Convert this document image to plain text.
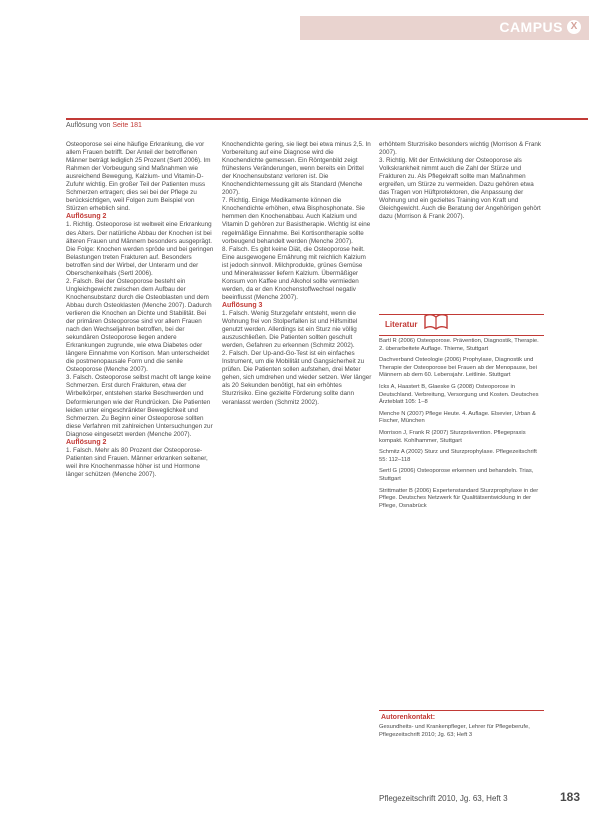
CAMPUS X
Auflösung von Seite 181

Osteoporose sei eine häufige Erkrankung, die vor allem Frauen betrifft. Der Anteil der betroffenen Männer beträgt lediglich 25 Prozent (Sertl 2006). Im Rahmen der Vorbeugung sind Maßnahmen wie ausreichend Bewegung, Kalzium- und Vitamin-D-Zufuhr wichtig. Ein großer Teil der Patienten muss Schmerzen ertragen; dies sei bei der Pflege zu berücksichtigen, weil Folgen zum Beispiel von Stürzen erheblich sind.

Auflösung 2

1. Richtig. Osteoporose ist weltweit eine Erkrankung des Alters. Der natürliche Abbau der Knochen ist bei älteren Frauen und Männern besonders ausgeprägt. Die Folge: Knochen werden spröde und bei geringen Belastungen treten Frakturen auf. Besonders betroffen sind der Wirbel, der Unterarm und der Oberschenkelhals (Sertl 2006).

2. Falsch. Bei der Osteoporose besteht ein Ungleichgewicht zwischen dem Aufbau der Knochensubstanz durch die Osteoblasten und dem Abbau durch Osteoklasten (Menche 2007). Dadurch verlieren die Knochen an Dichte und Stabilität. Bei der primären Osteoporose sind vor allem Frauen nach den Wechseljahren betroffen, bei der sekundären Osteoporose liegen andere Erkrankungen zugrunde, wie etwa Diabetes oder längere Einnahme von Kortison. Man unterscheidet die postmenopausale Form und die senile Osteoporose (Menche 2007).

3. Falsch. Osteoporose selbst macht oft lange keine Schmerzen. Erst durch Frakturen, etwa der Wirbelkörper, entstehen starke Beschwerden und Deformierungen wie der Rundrücken. Die Patienten leiden unter eingeschränkter Beweglichkeit und Schmerzen. Zu Beginn einer Osteoporose sollten diese Verfahren mit zahlreichen Untersuchungen zur Diagnose eingesetzt werden (Menche 2007).

Auflösung 2

1. Falsch. Mehr als 80 Prozent der Osteoporose-Patienten sind Frauen. Männer erkranken seltener, weil ihre Knochenmasse höher ist und Hormone länger schützen (Menche 2007).

Knochendichte gering, sie liegt bei etwa minus 2,5. In Vorbereitung auf eine Diagnose wird die Knochendichte gemessen. Ein Röntgenbild zeigt frühestens Veränderungen, wenn bereits ein Drittel der Knochensubstanz verloren ist. Die Knochendichtemessung gilt als Standard (Menche 2007).

7. Richtig. Einige Medikamente können die Knochendichte erhöhen, etwa Bisphosphonate. Sie hemmen den Knochenabbau. Auch Kalzium und Vitamin D gehören zur Basistherapie. Wichtig ist eine regelmäßige Einnahme. Bei Kortisontherapie sollte vorbeugend behandelt werden (Menche 2007).

8. Falsch. Es gibt keine Diät, die Osteoporose heilt. Eine ausgewogene Ernährung mit reichlich Kalzium ist jedoch sinnvoll. Milchprodukte, grünes Gemüse und Mineralwasser liefern Kalzium. Übermäßiger Konsum von Kaffee und Alkohol sollte vermieden werden, da er den Knochenstoffwechsel negativ beeinflusst (Menche 2007).

Auflösung 3

1. Falsch. Wenig Sturzgefahr entsteht, wenn die Wohnung frei von Stolperfallen ist und Hilfsmittel genutzt werden. Allerdings ist ein Sturz nie völlig auszuschließen. Die Patienten sollten geschult werden, Gefahren zu erkennen (Schmitz 2002).

2. Falsch. Der Up-and-Go-Test ist ein einfaches Instrument, um die Mobilität und Gangsicherheit zu prüfen. Die Patienten sollen aufstehen, drei Meter gehen, sich umdrehen und wieder setzen. Wer länger als 20 Sekunden benötigt, hat ein erhöhtes Sturzrisiko. Eine gezielte Förderung sollte dann veranlasst werden (Schmitz 2002).

erhöhtem Sturzrisiko besonders wichtig (Morrison & Frank 2007).

3. Richtig. Mit der Entwicklung der Osteoporose als Volkskrankheit nimmt auch die Zahl der Stürze und Frakturen zu. Als Pflegekraft sollte man Maßnahmen ergreifen, um Stürze zu vermeiden. Dazu gehören etwa das Tragen von Hüftprotektoren, die Anpassung der Wohnung und ein gezieltes Training von Kraft und Gleichgewicht. Auch die Beratung der Angehörigen gehört dazu (Morrison & Frank 2007).

Literatur

Bartl R (2006) Osteoporose. Prävention, Diagnostik, Therapie. 2. überarbeitete Auflage. Thieme, Stuttgart

Dachverband Osteologie (2006) Prophylaxe, Diagnostik und Therapie der Osteoporose bei Frauen ab der Menopause, bei Männern ab dem 60. Lebensjahr. Leitlinie. Stuttgart

Icks A, Haastert B, Glaeske G (2008) Osteoporose in Deutschland. Verbreitung, Versorgung und Kosten. Deutsches Ärzteblatt 105: 1–8

Menche N (2007) Pflege Heute. 4. Auflage. Elsevier, Urban & Fischer, München

Morrison J, Frank R (2007) Sturzprävention. Pflegepraxis kompakt. Kohlhammer, Stuttgart

Schmitz A (2002) Sturz und Sturzprophylaxe. Pflegezeitschrift 55: 112–118

Sertl G (2006) Osteoporose erkennen und behandeln. Trias, Stuttgart

Strittmatter B (2006) Expertenstandard Sturzprophylaxe in der Pflege. Deutsches Netzwerk für Qualitätsentwicklung in der Pflege, Osnabrück

Autorenkontakt:
Gesundheits- und Krankenpfleger, Lehrer für Pflegeberufe, Pflegezeitschrift 2010; Jg. 63; Heft 3
Pflegezeitschrift 2010, Jg. 63, Heft 3	183
